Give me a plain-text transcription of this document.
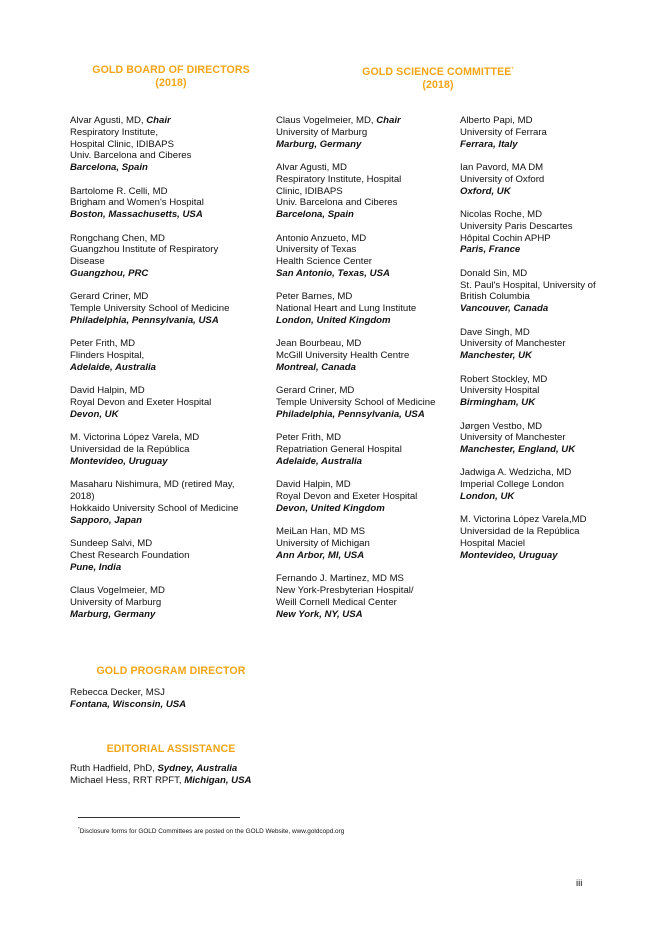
GOLD BOARD OF DIRECTORS
(2018)
GOLD SCIENCE COMMITTEE*
(2018)
Alvar Agusti, MD, Chair
Respiratory Institute,
Hospital Clinic, IDIBAPS
Univ. Barcelona and Ciberes
Barcelona, Spain
Bartolome R. Celli, MD
Brigham and Women's Hospital
Boston, Massachusetts, USA
Rongchang Chen, MD
Guangzhou Institute of Respiratory
Disease
Guangzhou, PRC
Gerard Criner, MD
Temple University School of Medicine
Philadelphia, Pennsylvania, USA
Peter Frith, MD
Flinders Hospital,
Adelaide, Australia
David Halpin, MD
Royal Devon and Exeter Hospital
Devon, UK
M. Victorina López Varela, MD
Universidad de la República
Montevideo, Uruguay
Masaharu Nishimura, MD (retired May,
2018)
Hokkaido University School of Medicine
Sapporo, Japan
Sundeep Salvi, MD
Chest Research Foundation
Pune, India
Claus Vogelmeier, MD
University of Marburg
Marburg, Germany
Claus Vogelmeier, MD, Chair
University of Marburg
Marburg, Germany
Alvar Agusti, MD
Respiratory Institute, Hospital
Clinic, IDIBAPS
Univ. Barcelona and Ciberes
Barcelona, Spain
Antonio Anzueto, MD
University of Texas
Health Science Center
San Antonio, Texas, USA
Peter Barnes, MD
National Heart and Lung Institute
London, United Kingdom
Jean Bourbeau, MD
McGill University Health Centre
Montreal, Canada
Gerard Criner, MD
Temple University School of Medicine
Philadelphia, Pennsylvania, USA
Peter Frith, MD
Repatriation General Hospital
Adelaide, Australia
David Halpin, MD
Royal Devon and Exeter Hospital
Devon, United Kingdom
MeiLan Han, MD MS
University of Michigan
Ann Arbor, MI, USA
Fernando J. Martinez, MD MS
New York-Presbyterian Hospital/
Weill Cornell Medical Center
New York, NY, USA
Alberto Papi, MD
University of Ferrara
Ferrara, Italy
Ian Pavord, MA DM
University of Oxford
Oxford, UK
Nicolas Roche, MD
University Paris Descartes
Hôpital Cochin APHP
Paris, France
Donald Sin, MD
St. Paul's Hospital, University of
British Columbia
Vancouver, Canada
Dave Singh, MD
University of Manchester
Manchester, UK
Robert Stockley, MD
University Hospital
Birmingham, UK
Jørgen Vestbo, MD
University of Manchester
Manchester, England, UK
Jadwiga A. Wedzicha, MD
Imperial College London
London, UK
M. Victorina López Varela,MD
Universidad de la República
Hospital Maciel
Montevideo, Uruguay
GOLD PROGRAM DIRECTOR
Rebecca Decker, MSJ
Fontana, Wisconsin, USA
EDITORIAL ASSISTANCE
Ruth Hadfield, PhD, Sydney, Australia
Michael Hess, RRT RPFT, Michigan, USA
*Disclosure forms for GOLD Committees are posted on the GOLD Website, www.goldcopd.org
iii
